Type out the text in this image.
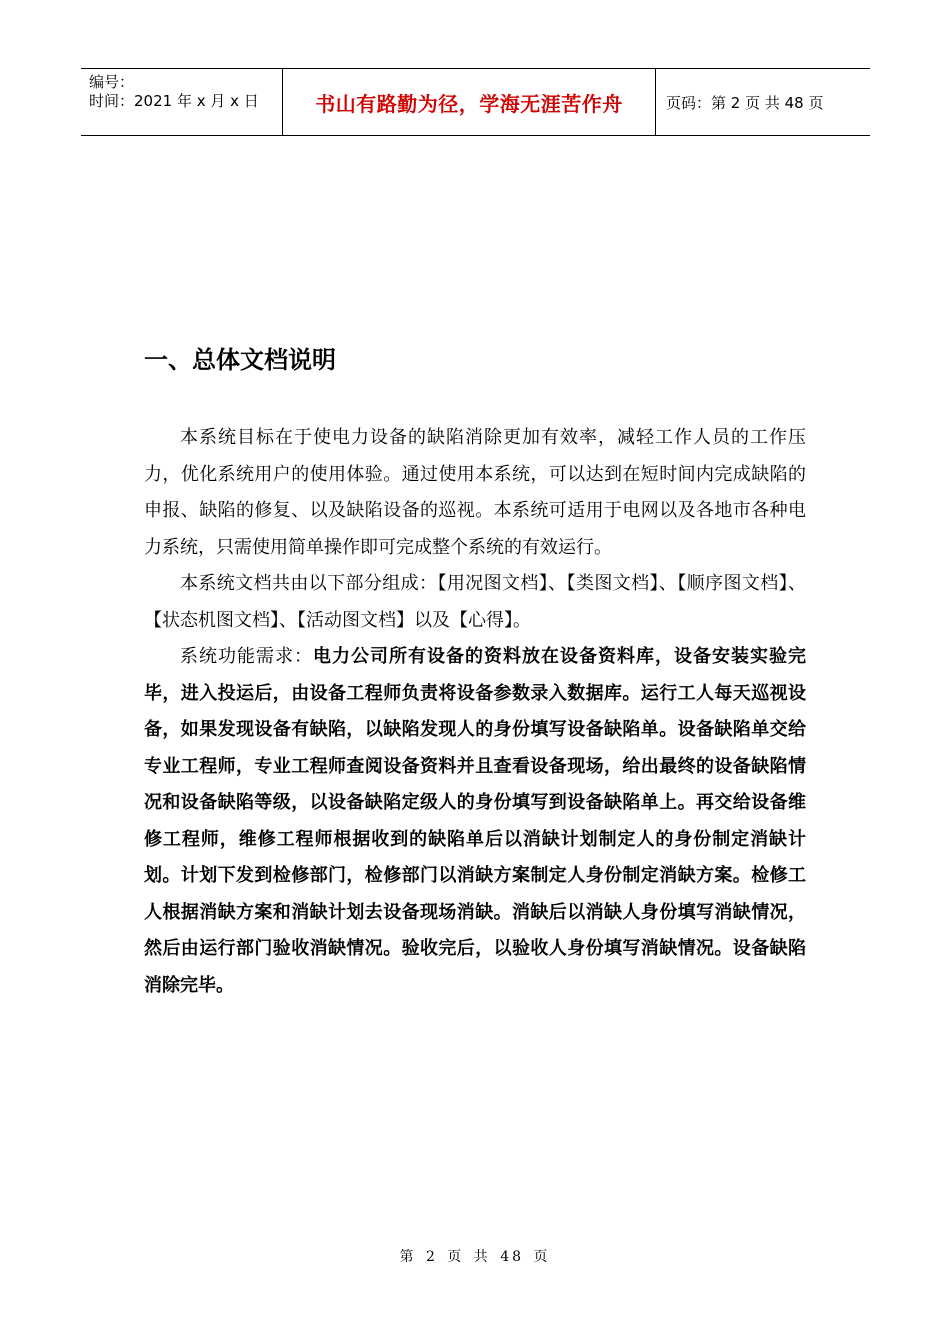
编号：
时间：2021 年 x 月 x 日	书山有路勤为径，学海无涯苦作舟	页码：第 2 页 共 48 页
一、总体文档说明

本系统目标在于使电力设备的缺陷消除更加有效率，减轻工作人员的工作压力，优化系统用户的使用体验。通过使用本系统，可以达到在短时间内完成缺陷的申报、缺陷的修复、以及缺陷设备的巡视。本系统可适用于电网以及各地市各种电力系统，只需使用简单操作即可完成整个系统的有效运行。

本系统文档共由以下部分组成：【用况图文档】、【类图文档】、【顺序图文档】、【状态机图文档】、【活动图文档】以及【心得】。

系统功能需求：电力公司所有设备的资料放在设备资料库，设备安装实验完毕，进入投运后，由设备工程师负责将设备参数录入数据库。运行工人每天巡视设备，如果发现设备有缺陷，以缺陷发现人的身份填写设备缺陷单。设备缺陷单交给专业工程师，专业工程师查阅设备资料并且查看设备现场，给出最终的设备缺陷情况和设备缺陷等级，以设备缺陷定级人的身份填写到设备缺陷单上。再交给设备维修工程师，维修工程师根据收到的缺陷单后以消缺计划制定人的身份制定消缺计划。计划下发到检修部门，检修部门以消缺方案制定人身份制定消缺方案。检修工人根据消缺方案和消缺计划去设备现场消缺。消缺后以消缺人身份填写消缺情况，然后由运行部门验收消缺情况。验收完后，以验收人身份填写消缺情况。设备缺陷消除完毕。

第 2 页 共 48 页
